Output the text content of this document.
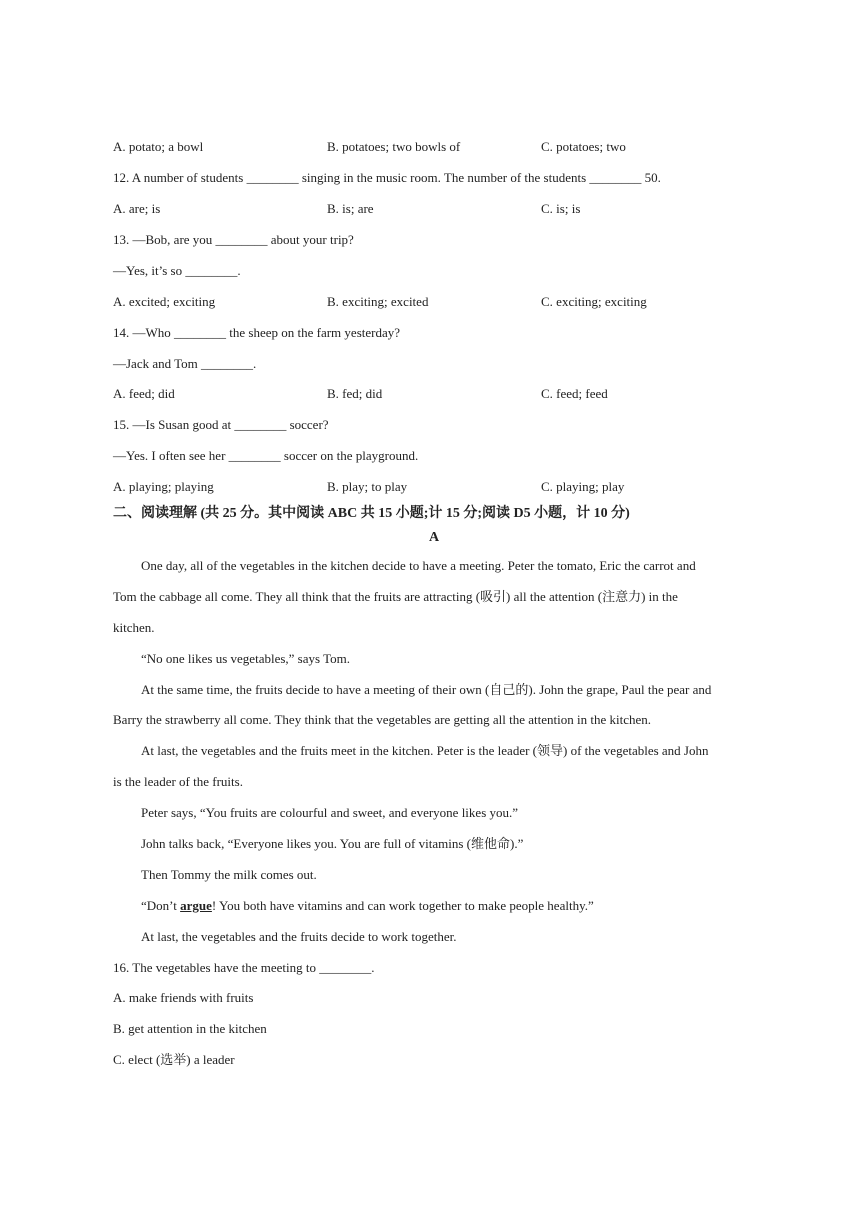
A. potato; a bowl	B. potatoes; two bowls of	C. potatoes; two
12. A number of students ________ singing in the music room. The number of the students ________ 50.
A. are; is	B. is; are	C. is; is
13. —Bob, are you ________ about your trip?
—Yes, it’s so ________.
A. excited; exciting	B. exciting; excited	C. exciting; exciting
14. —Who ________ the sheep on the farm yesterday?
—Jack and Tom ________.
A. feed; did	B. fed; did	C. feed; feed
15. —Is Susan good at ________ soccer?
—Yes. I often see her ________ soccer on the playground.
A. playing; playing	B. play; to play	C. playing; play
二、阅读理解 (共 25 分。其中阅读 ABC 共 15 小题;计 15 分;阅读 D5 小题，计 10 分)
A
One day, all of the vegetables in the kitchen decide to have a meeting. Peter the tomato, Eric the carrot and
Tom the cabbage all come. They all think that the fruits are attracting (吸引) all the attention (注意力) in the
kitchen.
“No one likes us vegetables,” says Tom.
At the same time, the fruits decide to have a meeting of their own (自己的). John the grape, Paul the pear and
Barry the strawberry all come. They think that the vegetables are getting all the attention in the kitchen.
At last, the vegetables and the fruits meet in the kitchen. Peter is the leader (领导) of the vegetables and John
is the leader of the fruits.
Peter says, “You fruits are colourful and sweet, and everyone likes you.”
John talks back, “Everyone likes you. You are full of vitamins (维他命).”
Then Tommy the milk comes out.
“Don’t argue! You both have vitamins and can work together to make people healthy.”
At last, the vegetables and the fruits decide to work together.
16. The vegetables have the meeting to ________.
A. make friends with fruits
B. get attention in the kitchen
C. elect (选举) a leader
